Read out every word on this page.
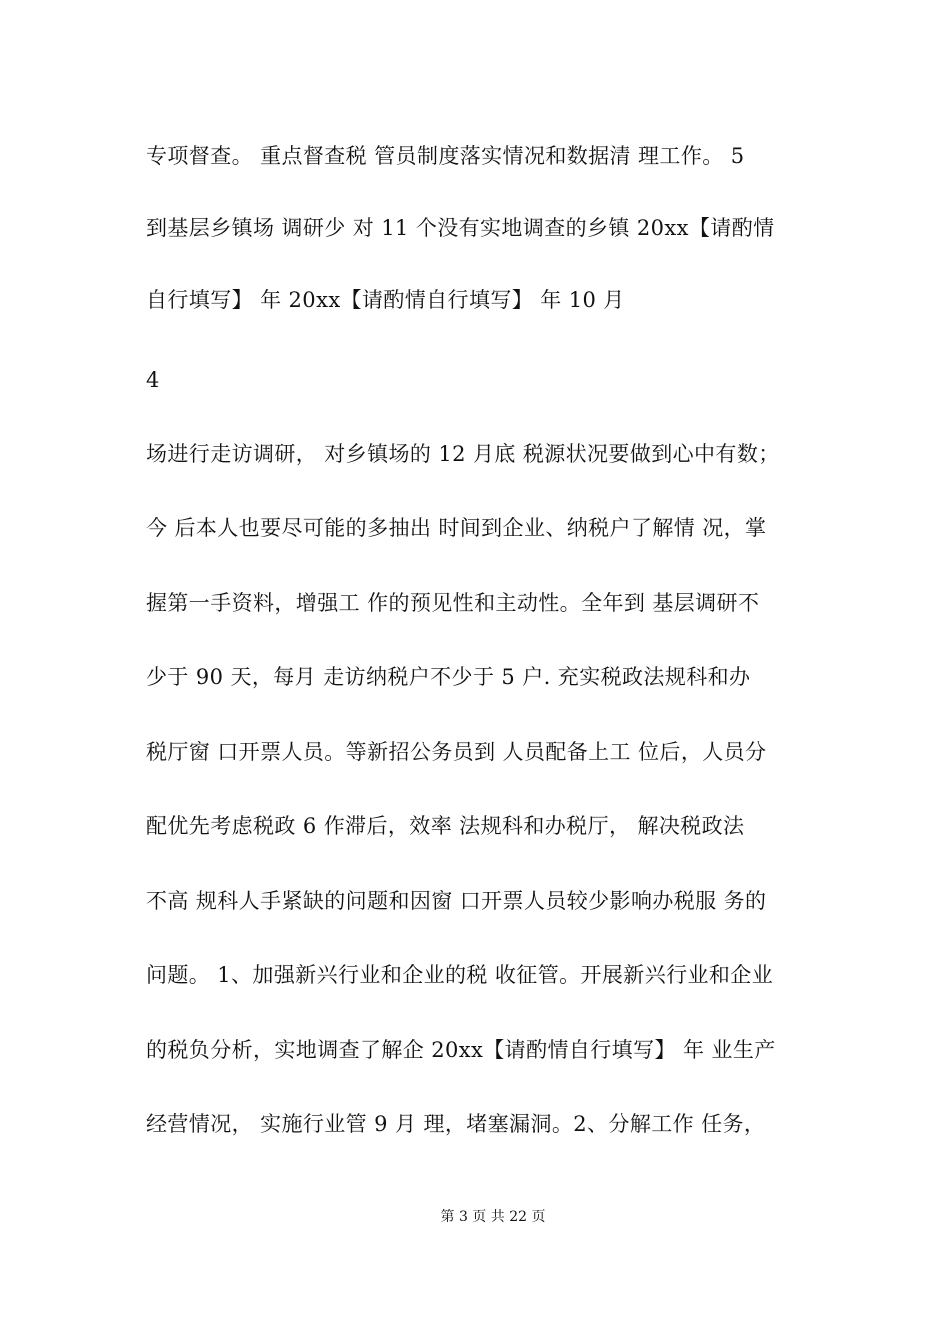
专项督查。 重点督查税 管员制度落实情况和数据清 理工作。 5
到基层乡镇场 调研少 对 11 个没有实地调查的乡镇 20xx【请酌情
自行填写】 年 20xx【请酌情自行填写】 年 10 月
4
场进行走访调研， 对乡镇场的 12 月底 税源状况要做到心中有数；
今 后本人也要尽可能的多抽出 时间到企业、纳税户了解情 况，掌
握第一手资料，增强工 作的预见性和主动性。全年到 基层调研不
少于 90 天，每月 走访纳税户不少于 5 户. 充实税政法规科和办
税厅窗 口开票人员。等新招公务员到 人员配备上工 位后，人员分
配优先考虑税政 6 作滞后，效率 法规科和办税厅， 解决税政法
不高 规科人手紧缺的问题和因窗 口开票人员较少影响办税服 务的
问题。 1、加强新兴行业和企业的税 收征管。开展新兴行业和企业
的税负分析，实地调查了解企 20xx【请酌情自行填写】 年 业生产
经营情况， 实施行业管 9 月 理，堵塞漏洞。2、分解工作 任务，
第 3 页 共 22 页
